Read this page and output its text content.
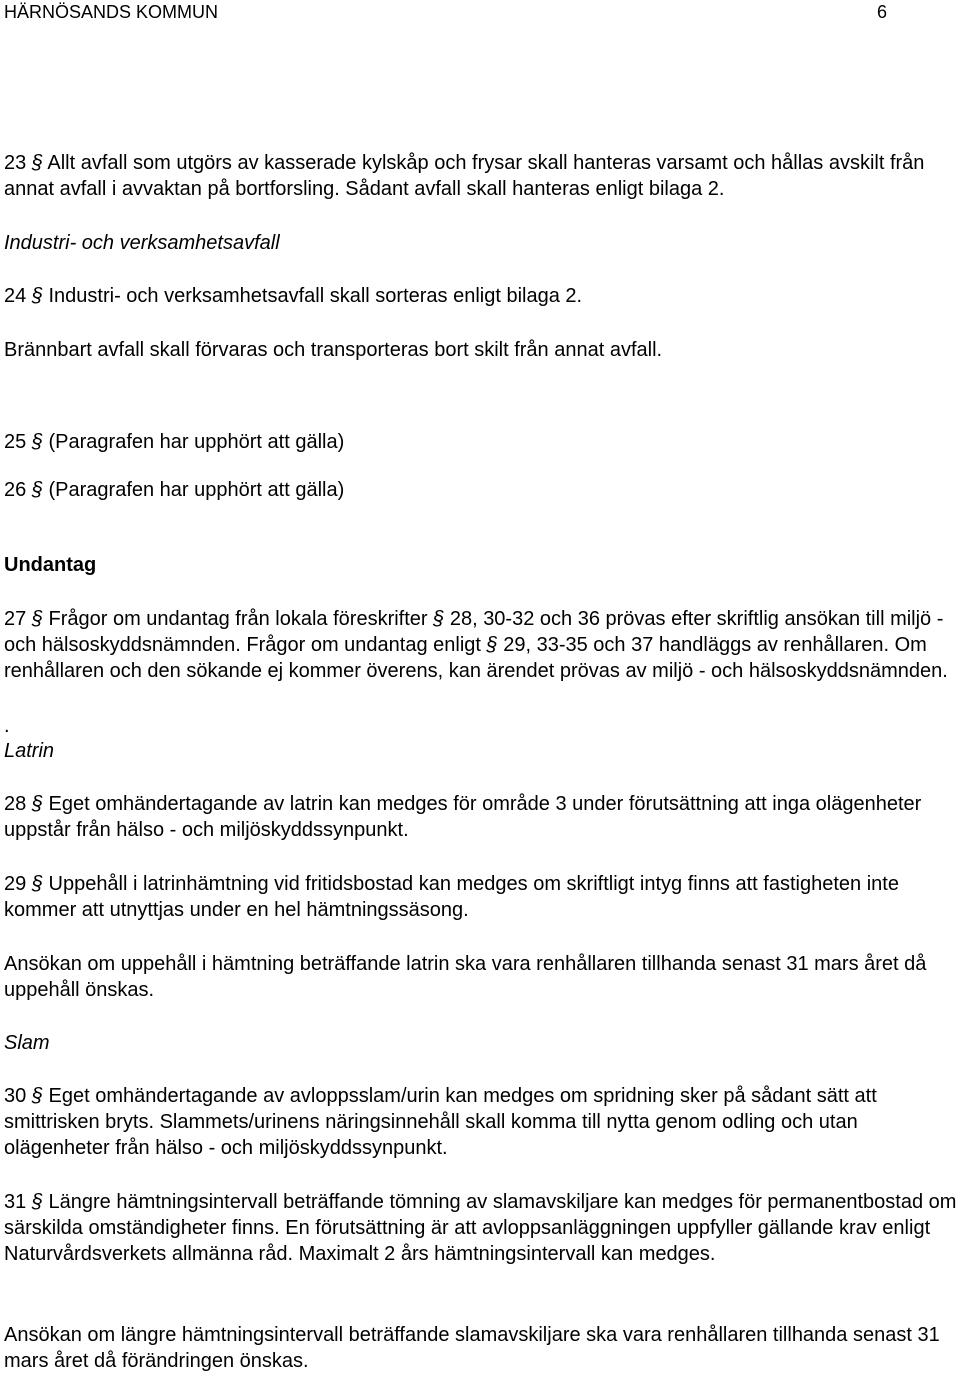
HÄRNÖSANDS KOMMUN	6

23 § Allt avfall som utgörs av kasserade kylskåp och frysar skall hanteras varsamt och hållas avskilt från annat avfall i avvaktan på bortforsling. Sådant avfall skall hanteras enligt bilaga 2.

Industri- och verksamhetsavfall

24 § Industri- och verksamhetsavfall skall sorteras enligt bilaga 2.

Brännbart avfall skall förvaras och transporteras bort skilt från annat avfall.

25 § (Paragrafen har upphört att gälla)

26 § (Paragrafen har upphört att gälla)

Undantag

27 § Frågor om undantag från lokala föreskrifter § 28, 30-32 och 36 prövas efter skriftlig ansökan till miljö - och hälsoskyddsnämnden. Frågor om undantag enligt § 29, 33-35 och 37 handläggs av renhållaren. Om renhållaren och den sökande ej kommer överens, kan ärendet prövas av miljö - och hälsoskyddsnämnden.

.
Latrin

28 § Eget omhändertagande av latrin kan medges för område 3 under förutsättning att inga olägenheter uppstår från hälso - och miljöskyddssynpunkt.

29 § Uppehåll i latrinhämtning vid fritidsbostad kan medges om skriftligt intyg finns att fastigheten inte kommer att utnyttjas under en hel hämtningssäsong.

Ansökan om uppehåll i hämtning beträffande latrin ska vara renhållaren tillhanda senast 31 mars året då uppehåll önskas.

Slam

30 § Eget omhändertagande av avloppsslam/urin kan medges om spridning sker på sådant sätt att smittrisken bryts. Slammets/urinens näringsinnehåll skall komma till nytta genom odling och utan olägenheter från hälso - och miljöskyddssynpunkt.

31 § Längre hämtningsintervall beträffande tömning av slamavskiljare kan medges för permanentbostad om särskilda omständigheter finns. En förutsättning är att avloppsanläggningen uppfyller gällande krav enligt Naturvårdsverkets allmänna råd. Maximalt 2 års hämtningsintervall kan medges.

Ansökan om längre hämtningsintervall beträffande slamavskiljare ska vara renhållaren tillhanda senast 31 mars året då förändringen önskas.
